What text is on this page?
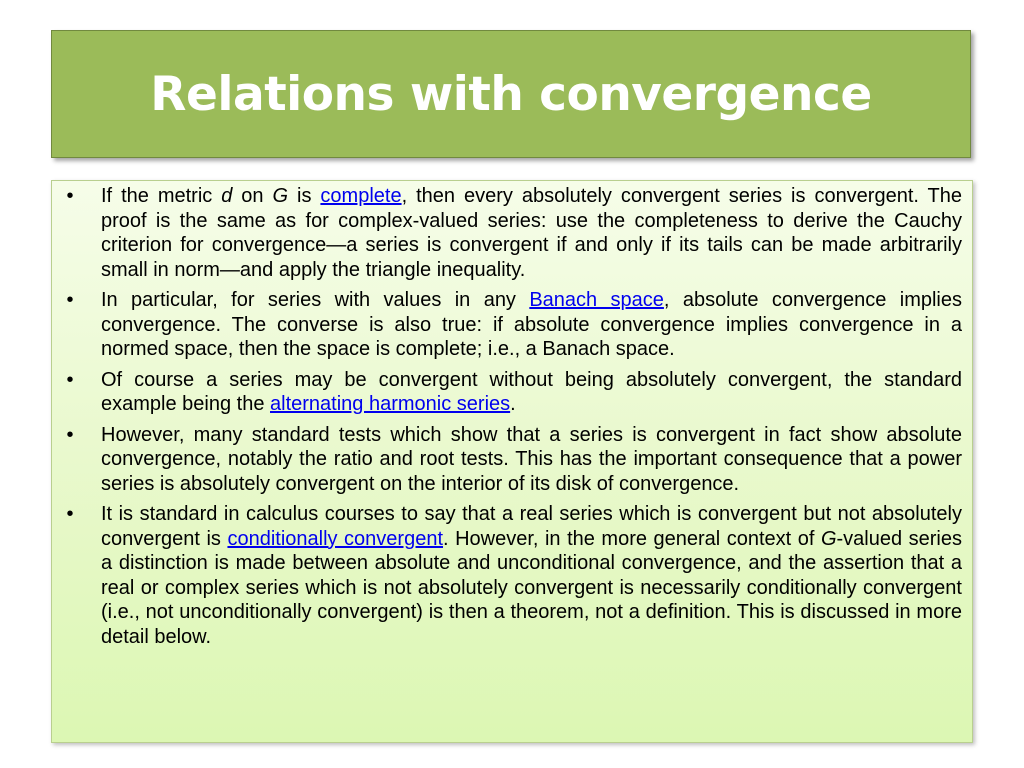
Relations with convergence
•	If the metric d on G is complete, then every absolutely convergent series is convergent. The proof is the same as for complex-valued series: use the completeness to derive the Cauchy criterion for convergence—a series is convergent if and only if its tails can be made arbitrarily small in norm—and apply the triangle inequality.
•	In particular, for series with values in any Banach space, absolute convergence implies convergence. The converse is also true: if absolute convergence implies convergence in a normed space, then the space is complete; i.e., a Banach space.
•	Of course a series may be convergent without being absolutely convergent, the standard example being the alternating harmonic series.
•	However, many standard tests which show that a series is convergent in fact show absolute convergence, notably the ratio and root tests. This has the important consequence that a power series is absolutely convergent on the interior of its disk of convergence.
•	It is standard in calculus courses to say that a real series which is convergent but not absolutely convergent is conditionally convergent. However, in the more general context of G-valued series a distinction is made between absolute and unconditional convergence, and the assertion that a real or complex series which is not absolutely convergent is necessarily conditionally convergent (i.e., not unconditionally convergent) is then a theorem, not a definition. This is discussed in more detail below.
